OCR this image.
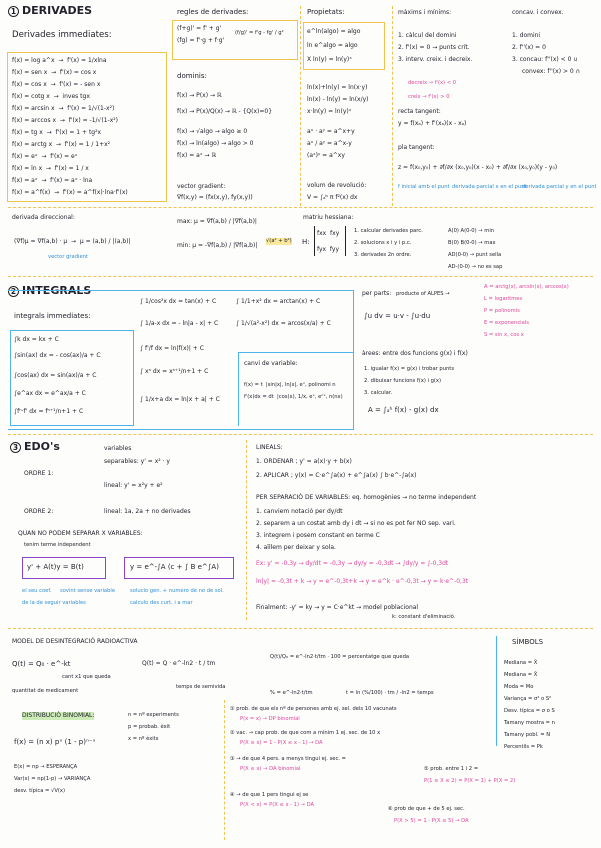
1 DERIVADES
Derivades immediates:
f(x) = log a^x  →  f'(x) = 1/xlna
f(x) = sen x  →  f'(x) = cos x
f(x) = cos x  →  f'(x) = - sen x
f(x) = cotg x  →  inves tgx
f(x) = arcsin x  →  f'(x) = 1/√(1-x²)
f(x) = arccos x  →  f'(x) = -1/√(1-x²)
f(x) = tg x  →  f'(x) = 1 + tg²x
f(x) = arctg x  →  f'(x) = 1 / 1+x²
f(x) = eˣ  →  f'(x) = eˣ
f(x) = ln x  →  f'(x) = 1 / x
f(x) = aˣ  →  f'(x) = aˣ · lna
f(x) = a^f(x)  →  f'(x) = a^f(x)·lna·f'(x)
regles de derivades:
(f+g)' = f' + g'
(fg) = f'·g + f·g'
(f/g)' = f'g - fg' / g²
dominis:
f(x) → P(x) → ℝ
f(x) → P(x)/Q(x) → ℝ - {Q(x)=0}
f(x) → √algo → algo ≥ 0
f(x) → ln(algo) → algo > 0
f(x) = aˣ → ℝ
vector gradient:
∇f(x,y) = (fx(x,y), fy(x,y))
Propietats:
e^ln(algo) = algo
ln e^algo = algo
X ln(y) = ln(y)ˣ
ln(x)+ln(y) = ln(x·y)
ln(x) - ln(y) = ln(x/y)
x·ln(y) = ln(y)ˣ
aˣ · aʸ = a^x+y
aˣ / aʸ = a^x-y
(aˣ)ʸ = a^xy
volum de revolució:
V = ∫ₐᵇ π f²(x) dx
màxims i mínims:
1. càlcul del domini
2. f'(x) = 0 → punts crít.
3. interv. creix. i decreix.
decreix → f'(x) < 0
creix → f'(x) > 0
concav. i convex.
1. domini
2. f''(x) = 0
3. concau: f''(x) < 0 ∪
convex: f''(x) > 0 ∩
recta tangent:
y = f(xₐ) + f'(xₐ)(x - xₐ)
pla tangent:
z = f(x₀,y₀) + ∂f/∂x (x₀,y₀)(x - x₀) + ∂f/∂x (x₀,y₀)(y - y₀)
f inicial amb el punt derivada parcial x en el punt
derivada parcial y en el punt
derivada direccional:
(∇f)μ = ∇f(a,b) · μ  →  μ = (a,b) / |(a,b)|
vector gradient
max: μ = ∇f(a,b) / |∇f(a,b)|
min: μ = -∇f(a,b) / |∇f(a,b)|
√(a² + b²)
matriu hessiana:
H:
fxx  fxy
fyx  fyy
1. calcular derivades parc.
2. solucions x i y i p.c.
3. derivades 2n ordre.
A(0) A(0-0) → min
B(0) B(0-0) → max
AD(0-0) → punt sella
AD-(0-0) → no es sap
2 INTEGRALS
integrals immediates:
∫k dx = kx + C
∫sin(ax) dx = - cos(ax)/a + C
∫cos(ax) dx = sin(ax)/a + C
∫e^ax dx = e^ax/a + C
∫fⁿ·f' dx = fⁿ⁺¹/n+1 + C
∫ 1/cos²x dx = tan(x) + C
∫ 1/a-x dx = - ln|a - x| + C
∫ f'/f dx = ln|f(x)| + C
∫ xⁿ dx = xⁿ⁺¹/n+1 + C
∫ 1/x+a dx = ln|x + a| + C
∫ 1/1+x² dx = arctan(x) + C
∫ 1/√(a²-x²) dx = arcos(x/a) + C
canvi de variable:
f(x) = t  |sin|x|, ln|x|, eˣ, polinomi n
f'(x)dx = dt  |cos(x), 1/x, eˣ, eⁿˣ, n(nx)
per parts: producte of ALPES →
∫u dv = u·v - ∫u·du
A = arctg(x), arcsin(x), arccos(x)
L = logaritmes
P = polinomis
E = exponencials
S = sin x, cos x
àrees: entre dos funcions g(x) i f(x)
1. igualar f(x) = g(x) i trobar punts
2. dibuixar funcions f(x) i g(x)
3. calcular.
A = ∫ₐᵇ f(x) - g(x) dx
3 EDO's	variables
separables: y' = x² · y
ORDRE 1:
lineal: y' = x²y + e²
ORDRE 2:	lineal: 1a, 2a + no derivades
QUAN NO PODEM SEPARAR X VARIABLES:
tenim terme independent
y' + A(t)y = B(t)	y = e^-∫A (c + ∫ B e^∫A)
el seu coef. sovint sense variable	solucio gen. + numero de no de sol.
de la de seguir variables	calculo des curt, i a mar
LINEALS:
1. ORDENAR ; y' = a(x)·y + b(x)
2. APLICAR ; y(x) = C·e^∫a(x) + e^∫a(x) ∫ b·e^-∫a(x)
PER SEPARACIÓ DE VARIABLES: eq. homogènies → no terme independent
1. canviem notació per dy/dt
2. separem a un costat amb dy i dt → si no es pot fer NO sep. vari.
3. integrem i posem constant en terme C
4. aïllem per deixar y sola.
Ex: y' = -0,3y → dy/dt = -0,3y → dy/y = -0,3dt → ∫dy/y = ∫-0,3dt
ln|y| = -0,3t + k → y = e^-0,3t+k → y = e^k · e^-0,3t → y = k·e^-0,3t
Finalment: -y' = ky → y = C·e^kt → model poblacional
k: constant d'eliminació.
MODEL DE DESINTEGRACIÓ RADIOACTIVA
Q(t) = Q₀ · e^-kt
cant x1 que queda
quantitat de medicament
Q(t) = Q · e^-ln2 · t / tm
temps de semivida
Q(t)/Q₀ = e^-ln2·t/tm · 100 = percentatge que queda
% = e^-ln2·t/tm	t = ln (%/100) · tm / -ln2 = temps
DISTRIBUCIÓ BINOMIAL:	n = nº experiments
p = probab. èxit
x = nº èxits
f(x) = (n x) pˣ (1 - p)ⁿ⁻ˣ
E(x) = np → ESPERANÇA
Var(x) = np(1-p) → VARIANÇA
desv. típica = √V(x)
① prob. de que els nº de persones amb ej. sel. dels 10 vacunats
P(x = x) → DP binomial
② vac. → cap prob. de que com a mínim 1 ej. sec. de 10 x
P(X ≥ x) = 1 - P(X ≤ x - 1) → DA
③ → de que 4 pers. a menys tingui ej. sec. =
P(X ≤ x) → DA binomial
④ → de que 1 pers tingui ej se
P(X < x) = P(X ≤ x - 1) → DA
⑤ prob. entre 1 i 2 =
P(1 ≤ X ≤ 2) = P(X = 1) + P(X = 2)
⑥ prob de que + de 5 ej. sec.
P(X > 5) = 1 - P(X ≤ 5) → DA
SÍMBOLS
Mediana = X̃
Mediana = X̄
Moda = Mo
Variança = σ² o S²
Desv. típica = σ o S
Tamany mostra = n
Tamany pobl. = N
Percentils = Pk
